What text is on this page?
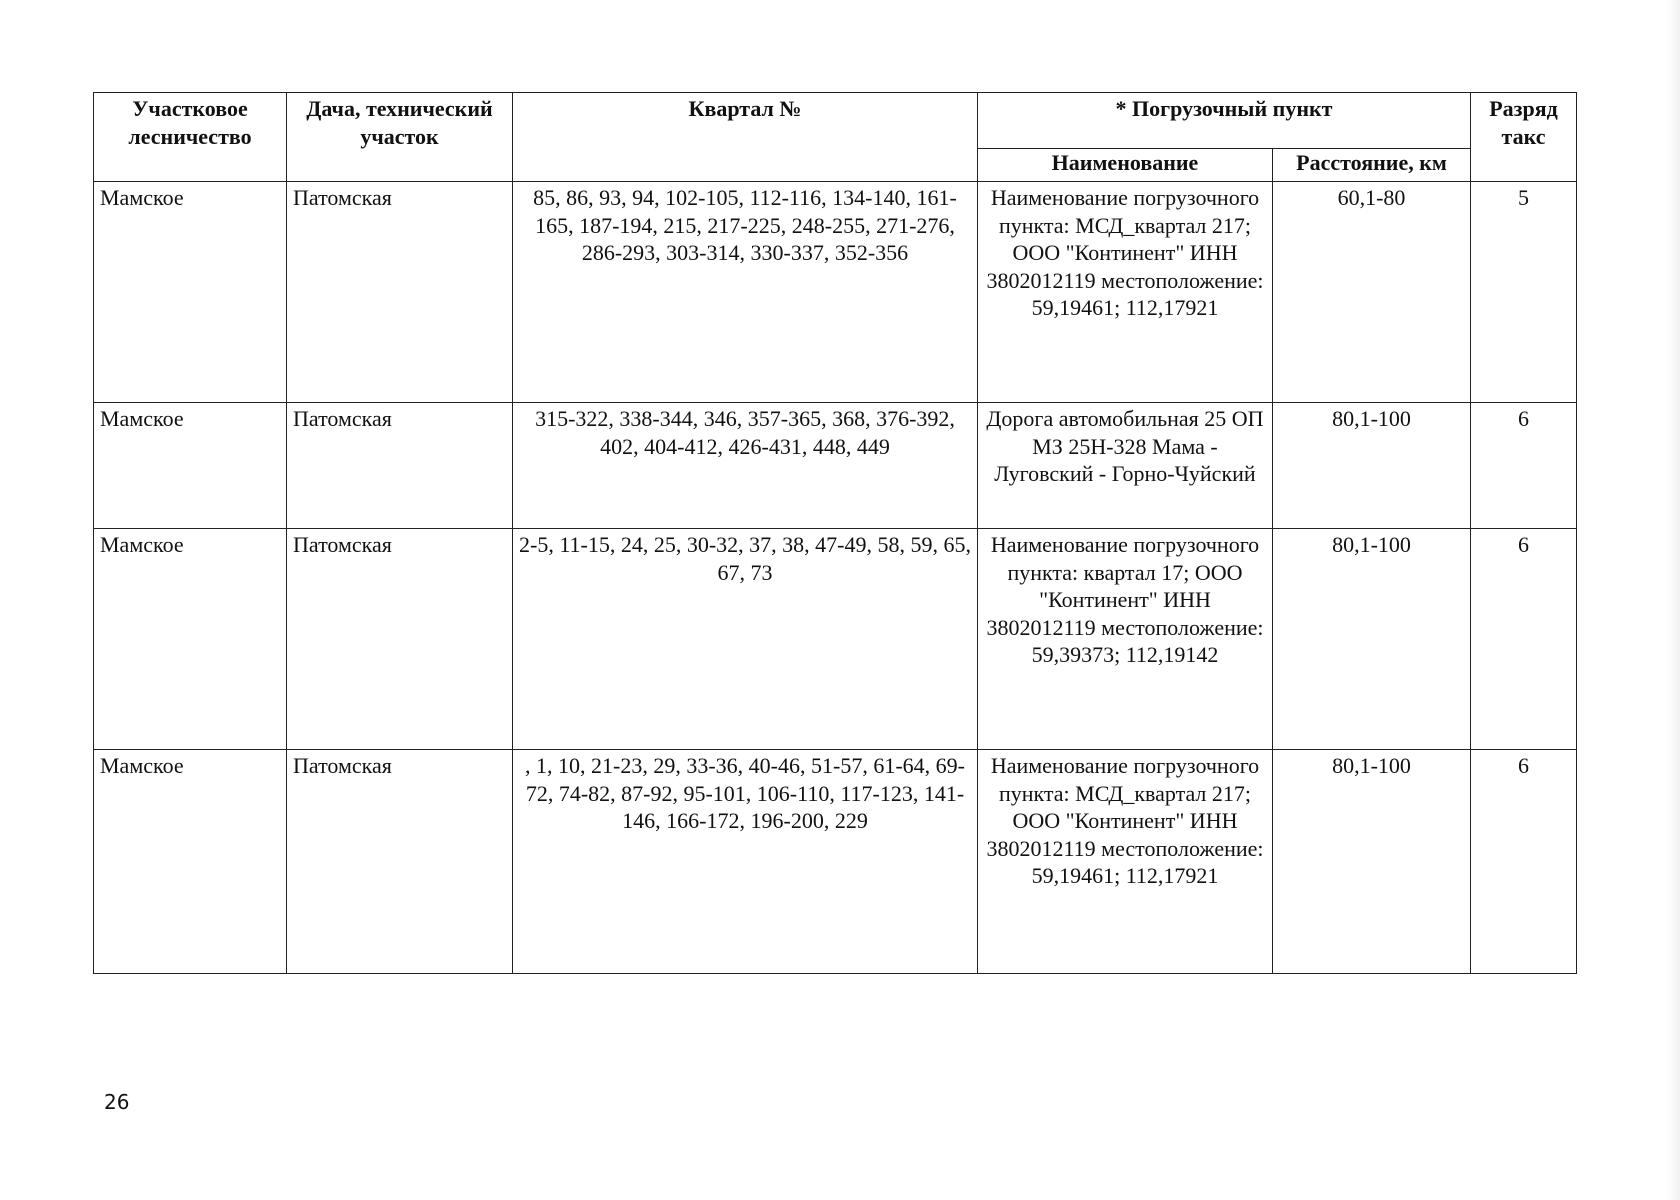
Участковое лесничество	Дача, технический участок	Квартал №	* Погрузочный пункт		Разряд такс
			Наименование	Расстояние, км	
Мамское	Патомская	85, 86, 93, 94, 102-105, 112-116, 134-140, 161-165, 187-194, 215, 217-225, 248-255, 271-276, 286-293, 303-314, 330-337, 352-356	Наименование погрузочного пункта: МСД_квартал 217; ООО "Континент" ИНН 3802012119 местоположение: 59,19461; 112,17921	60,1-80	5
Мамское	Патомская	315-322, 338-344, 346, 357-365, 368, 376-392, 402, 404-412, 426-431, 448, 449	Дорога автомобильная 25 ОП МЗ 25Н-328 Мама - Луговский - Горно-Чуйский	80,1-100	6
Мамское	Патомская	2-5, 11-15, 24, 25, 30-32, 37, 38, 47-49, 58, 59, 65, 67, 73	Наименование погрузочного пункта: квартал 17; ООО "Континент" ИНН 3802012119 местоположение: 59,39373; 112,19142	80,1-100	6
Мамское	Патомская	, 1, 10, 21-23, 29, 33-36, 40-46, 51-57, 61-64, 69-72, 74-82, 87-92, 95-101, 106-110, 117-123, 141-146, 166-172, 196-200, 229	Наименование погрузочного пункта: МСД_квартал 217; ООО "Континент" ИНН 3802012119 местоположение: 59,19461; 112,17921	80,1-100	6
26
